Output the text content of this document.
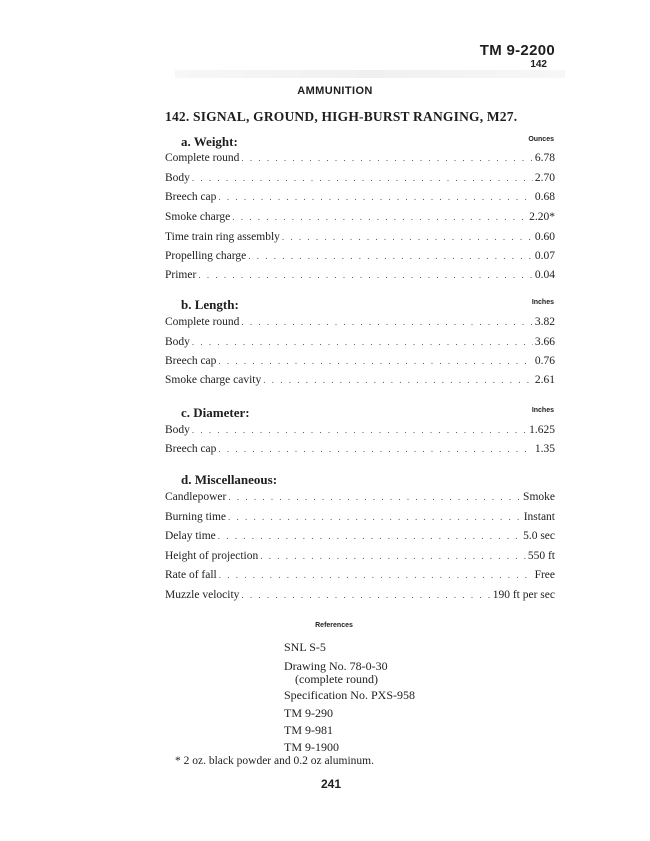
TM 9-2200
142
AMMUNITION
142. SIGNAL, GROUND, HIGH-BURST RANGING, M27.
a. Weight:	Ounces
Complete round . . .	6.78
Body . . .	2.70
Breech cap . . .	0.68
Smoke charge . . .	2.20*
Time train ring assembly . . .	0.60
Propelling charge . . .	0.07
Primer . . .	0.04
b. Length:	Inches
Complete round . . .	3.82
Body . . .	3.66
Breech cap . . .	0.76
Smoke charge cavity . . .	2.61
c. Diameter:	Inches
Body . . .	1.625
Breech cap . . .	1.35
d. Miscellaneous:
Candlepower . . .	Smoke
Burning time . . .	Instant
Delay time . . .	5.0 sec
Height of projection . . .	550 ft
Rate of fall . . .	Free
Muzzle velocity . . .	190 ft per sec
References
SNL S-5
Drawing No. 78-0-30
(complete round)
Specification No. PXS-958
TM 9-290
TM 9-981
TM 9-1900
* 2 oz. black powder and 0.2 oz aluminum.
241
